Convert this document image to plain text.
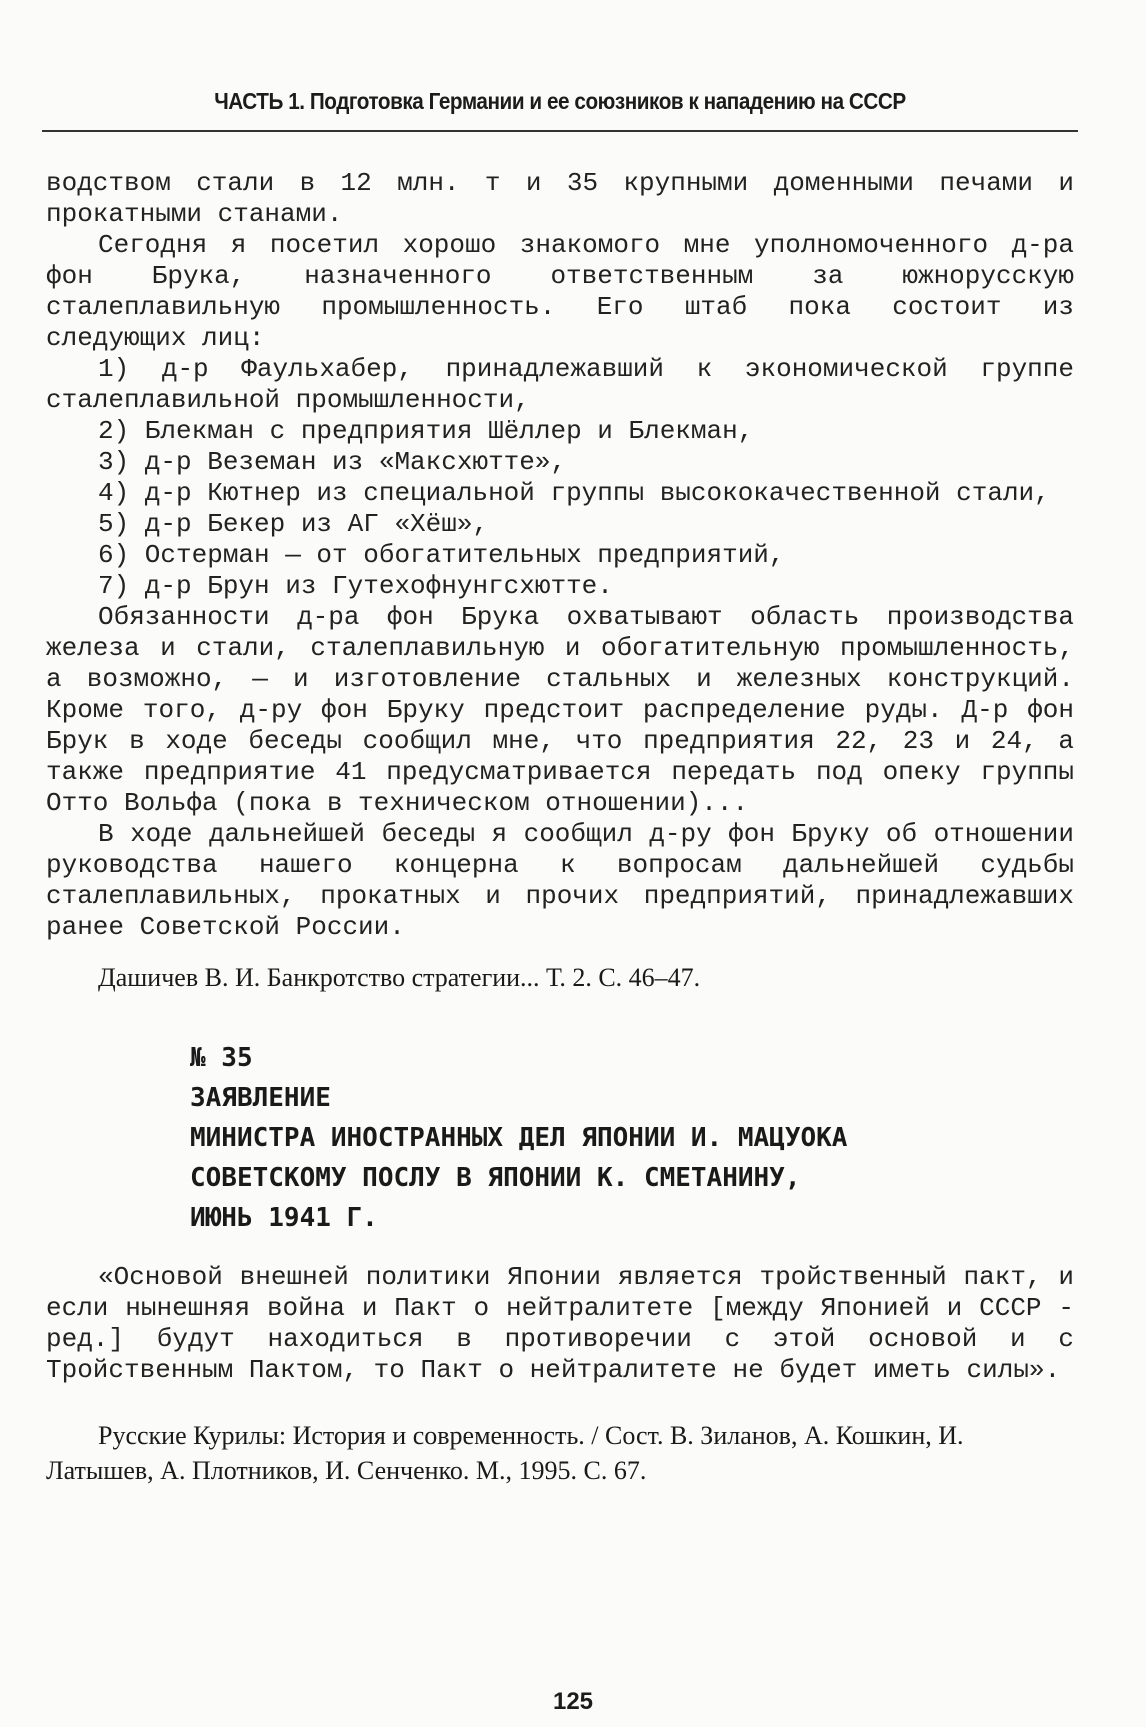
ЧАСТЬ 1. Подготовка Германии и ее союзников к нападению на СССР

водством стали в 12 млн. т и 35 крупными доменными печами и прокатными станами.

Сегодня я посетил хорошо знакомого мне уполномоченного д-ра фон Брука, назначенного ответственным за южнорусскую сталеплавильную промышленность. Его штаб пока состоит из следующих лиц:

1) д-р Фаульхабер, принадлежавший к экономической группе сталеплавильной промышленности,

2) Блекман с предприятия Шёллер и Блекман,

3) д-р Веземан из «Максхютте»,

4) д-р Кютнер из специальной группы высококачественной стали,

5) д-р Бекер из АГ «Хёш»,

6) Остерман — от обогатительных предприятий,

7) д-р Брун из Гутехофнунгсхютте.

Обязанности д-ра фон Брука охватывают область производства железа и стали, сталеплавильную и обогатительную промышленность, а возможно, — и изготовление стальных и железных конструкций. Кроме того, д-ру фон Бруку предстоит распределение руды. Д-р фон Брук в ходе беседы сообщил мне, что предприятия 22, 23 и 24, а также предприятие 41 предусматривается передать под опеку группы Отто Вольфа (пока в техническом отношении)...

В ходе дальнейшей беседы я сообщил д-ру фон Бруку об отношении руководства нашего концерна к вопросам дальнейшей судьбы сталеплавильных, прокатных и прочих предприятий, принадлежавших ранее Советской России.

Дашичев В. И. Банкротство стратегии... Т. 2. С. 46–47.

№ 35
ЗАЯВЛЕНИЕ
МИНИСТРА ИНОСТРАННЫХ ДЕЛ ЯПОНИИ И. МАЦУОКА
СОВЕТСКОМУ ПОСЛУ В ЯПОНИИ К. СМЕТАНИНУ,
ИЮНЬ 1941 Г.

«Основой внешней политики Японии является тройственный пакт, и если нынешняя война и Пакт о нейтралитете [между Японией и СССР - ред.] будут находиться в противоречии с этой основой и с Тройственным Пактом, то Пакт о нейтралитете не будет иметь силы».

Русские Курилы: История и современность. / Сост. В. Зиланов, А. Кошкин, И. Латышев, А. Плотников, И. Сенченко. М., 1995. С. 67.

125
